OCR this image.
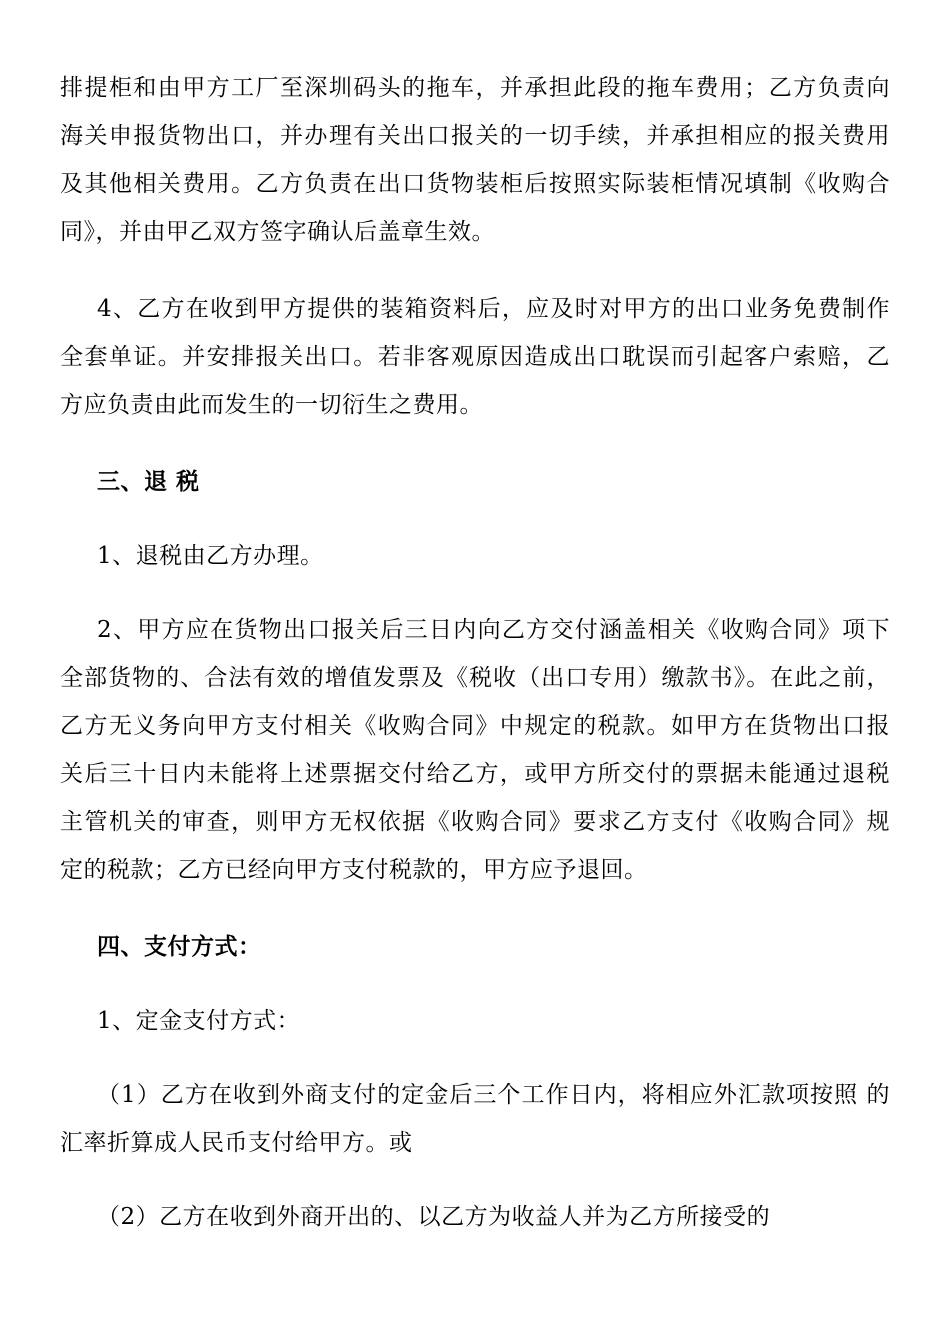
排提柜和由甲方工厂至深圳码头的拖车，并承担此段的拖车费用；乙方负责向
海关申报货物出口，并办理有关出口报关的一切手续，并承担相应的报关费用
及其他相关费用。乙方负责在出口货物装柜后按照实际装柜情况填制《收购合
同》，并由甲乙双方签字确认后盖章生效。
4、乙方在收到甲方提供的装箱资料后，应及时对甲方的出口业务免费制作
全套单证。并安排报关出口。若非客观原因造成出口耽误而引起客户索赔，乙
方应负责由此而发生的一切衍生之费用。
三、退 税
1、退税由乙方办理。
2、甲方应在货物出口报关后三日内向乙方交付涵盖相关《收购合同》项下
全部货物的、合法有效的增值发票及《税收（出口专用）缴款书》。在此之前，
乙方无义务向甲方支付相关《收购合同》中规定的税款。如甲方在货物出口报
关后三十日内未能将上述票据交付给乙方，或甲方所交付的票据未能通过退税
主管机关的审查，则甲方无权依据《收购合同》要求乙方支付《收购合同》规
定的税款；乙方已经向甲方支付税款的，甲方应予退回。
四、支付方式：
1、定金支付方式：
（1）乙方在收到外商支付的定金后三个工作日内，将相应外汇款项按照 的
汇率折算成人民币支付给甲方。或
（2）乙方在收到外商开出的、以乙方为收益人并为乙方所接受的
